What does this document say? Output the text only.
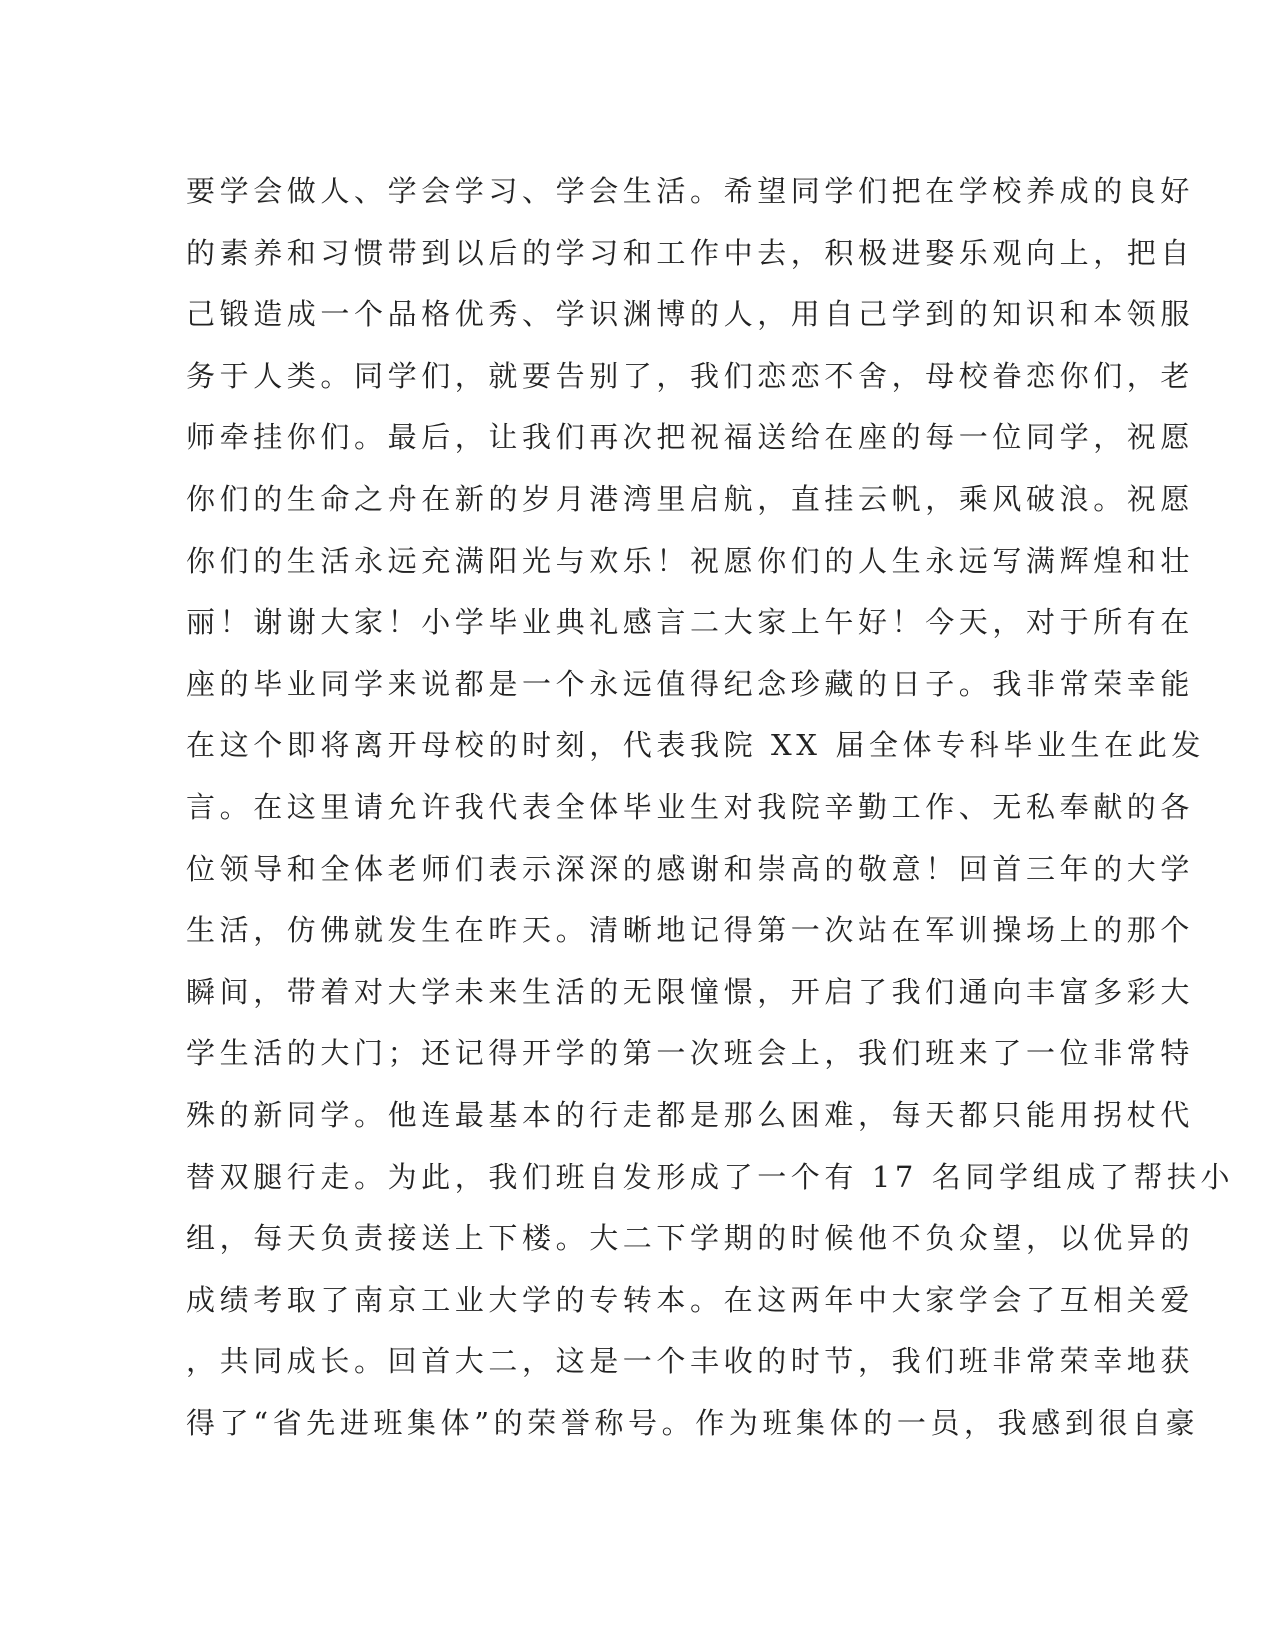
要学会做人、学会学习、学会生活。希望同学们把在学校养成的良好
的素养和习惯带到以后的学习和工作中去，积极进娶乐观向上，把自
己锻造成一个品格优秀、学识渊博的人，用自己学到的知识和本领服
务于人类。同学们，就要告别了，我们恋恋不舍，母校眷恋你们，老
师牵挂你们。最后，让我们再次把祝福送给在座的每一位同学，祝愿
你们的生命之舟在新的岁月港湾里启航，直挂云帆，乘风破浪。祝愿
你们的生活永远充满阳光与欢乐！祝愿你们的人生永远写满辉煌和壮
丽！谢谢大家！小学毕业典礼感言二大家上午好！今天，对于所有在
座的毕业同学来说都是一个永远值得纪念珍藏的日子。我非常荣幸能
在这个即将离开母校的时刻，代表我院 XX 届全体专科毕业生在此发
言。在这里请允许我代表全体毕业生对我院辛勤工作、无私奉献的各
位领导和全体老师们表示深深的感谢和崇高的敬意！回首三年的大学
生活，仿佛就发生在昨天。清晰地记得第一次站在军训操场上的那个
瞬间，带着对大学未来生活的无限憧憬，开启了我们通向丰富多彩大
学生活的大门；还记得开学的第一次班会上，我们班来了一位非常特
殊的新同学。他连最基本的行走都是那么困难，每天都只能用拐杖代
替双腿行走。为此，我们班自发形成了一个有 17 名同学组成了帮扶小
组，每天负责接送上下楼。大二下学期的时候他不负众望，以优异的
成绩考取了南京工业大学的专转本。在这两年中大家学会了互相关爱
，共同成长。回首大二，这是一个丰收的时节，我们班非常荣幸地获
得了“省先进班集体”的荣誉称号。作为班集体的一员，我感到很自豪
